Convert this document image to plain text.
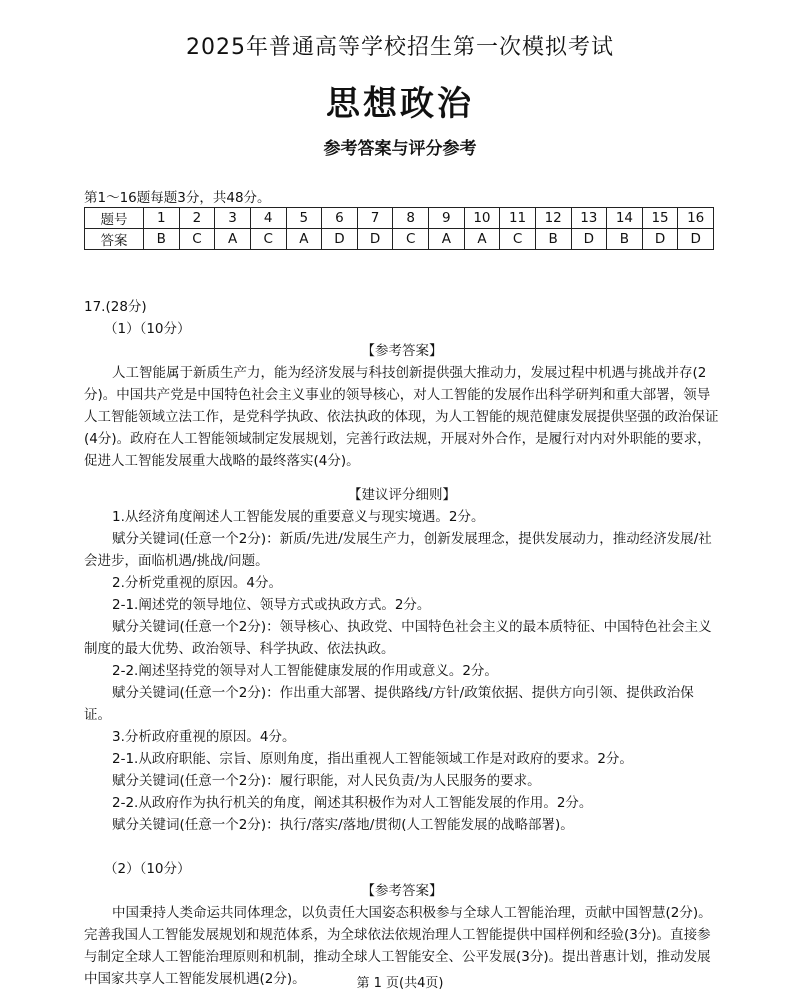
2025年普通高等学校招生第一次模拟考试
思想政治
参考答案与评分参考
第1～16题每题3分，共48分。
题号	1	2	3	4	5	6	7	8	9	10	11	12	13	14	15	16
答案	B	C	A	C	A	D	D	C	A	A	C	B	D	B	D	D

17.(28分)

（1）（10分）

【参考答案】

人工智能属于新质生产力，能为经济发展与科技创新提供强大推动力，发展过程中机遇与挑战并存(2分)。中国共产党是中国特色社会主义事业的领导核心，对人工智能的发展作出科学研判和重大部署，领导人工智能领域立法工作，是党科学执政、依法执政的体现，为人工智能的规范健康发展提供坚强的政治保证(4分)。政府在人工智能领域制定发展规划，完善行政法规，开展对外合作，是履行对内对外职能的要求，促进人工智能发展重大战略的最终落实(4分)。

【建议评分细则】

1.从经济角度阐述人工智能发展的重要意义与现实境遇。2分。

赋分关键词(任意一个2分)：新质/先进/发展生产力，创新发展理念，提供发展动力，推动经济发展/社会进步，面临机遇/挑战/问题。

2.分析党重视的原因。4分。

2-1.阐述党的领导地位、领导方式或执政方式。2分。

赋分关键词(任意一个2分)：领导核心、执政党、中国特色社会主义的最本质特征、中国特色社会主义制度的最大优势、政治领导、科学执政、依法执政。

2-2.阐述坚持党的领导对人工智能健康发展的作用或意义。2分。

赋分关键词(任意一个2分)：作出重大部署、提供路线/方针/政策依据、提供方向引领、提供政治保证。

3.分析政府重视的原因。4分。

2-1.从政府职能、宗旨、原则角度，指出重视人工智能领域工作是对政府的要求。2分。

赋分关键词(任意一个2分)：履行职能，对人民负责/为人民服务的要求。

2-2.从政府作为执行机关的角度，阐述其积极作为对人工智能发展的作用。2分。

赋分关键词(任意一个2分)：执行/落实/落地/贯彻(人工智能发展的战略部署)。

（2）（10分）

【参考答案】

中国秉持人类命运共同体理念，以负责任大国姿态积极参与全球人工智能治理，贡献中国智慧(2分)。完善我国人工智能发展规划和规范体系，为全球依法依规治理人工智能提供中国样例和经验(3分)。直接参与制定全球人工智能治理原则和机制，推动全球人工智能安全、公平发展(3分)。提出普惠计划，推动发展中国家共享人工智能发展机遇(2分)。	第 1 页(共4页)
